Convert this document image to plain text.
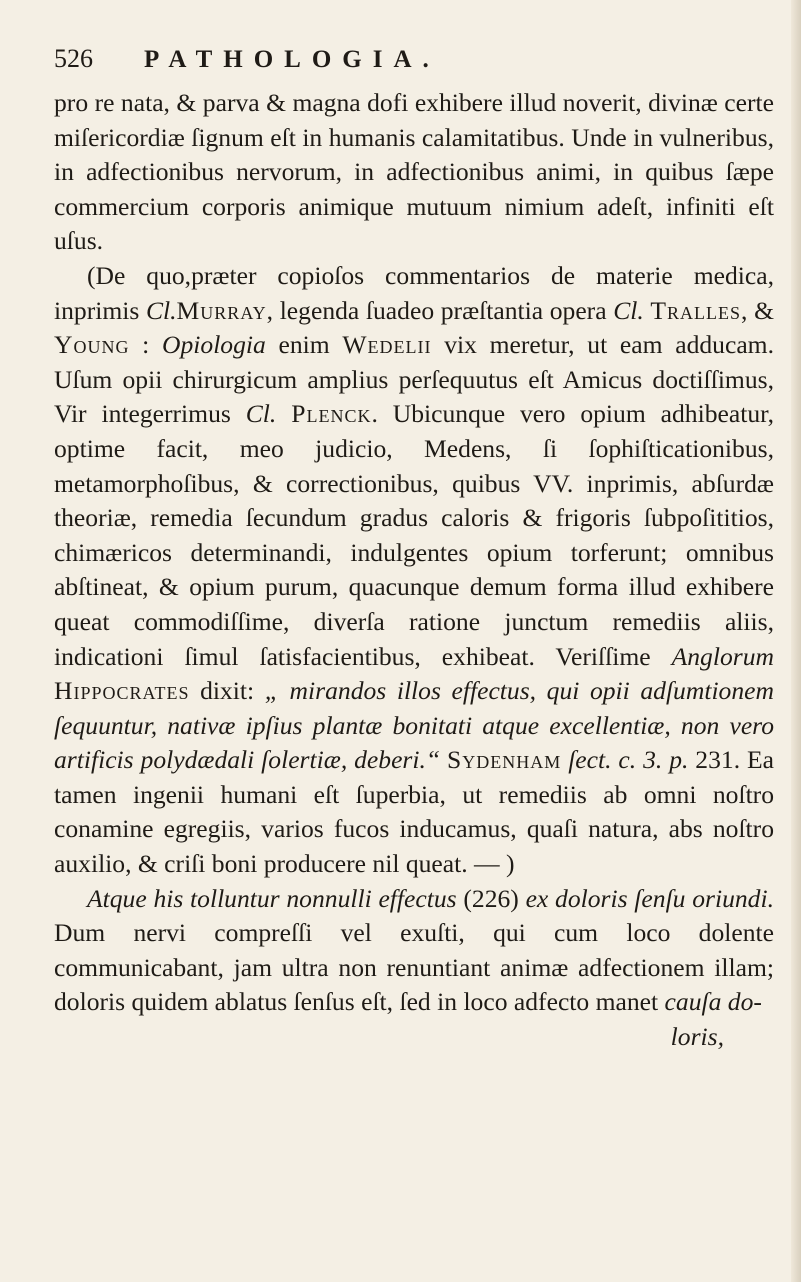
526 PATHOLOGIA.

pro re nata, & parva & magna dofi exhibere illud noverit, divinæ certe miſericordiæ ſignum eſt in humanis calamitatibus. Unde in vulneribus, in adfectionibus nervorum, in adfectionibus animi, in quibus ſæpe commercium corporis animique mutuum nimium adeſt, infiniti eſt uſus.

(De quo,præter copioſos commentarios de materie medica, inprimis Cl.Murray, legenda ſuadeo præſtantia opera Cl. Tralles, & Young : Opiologia enim Wedelii vix meretur, ut eam adducam. Uſum opii chirurgicum amplius perſequutus eſt Amicus doctiſſimus, Vir integerrimus Cl. Plenck. Ubicunque vero opium adhibeatur, optime facit, meo judicio, Medens, ſi ſophiſticationibus, metamorphoſibus, & correctionibus, quibus VV. inprimis, abſurdæ theoriæ, remedia ſecundum gradus caloris & frigoris ſubpoſititios, chimæricos determinandi, indulgentes opium torferunt; omnibus abſtineat, & opium purum, quacunque demum forma illud exhibere queat commodiſſime, diverſa ratione junctum remediis aliis, indicationi ſimul ſatisfacientibus, exhibeat. Veriſſime Anglorum Hippocrates dixit: „ mirandos illos effectus, qui opii adſumtionem ſequuntur, nativæ ipſius plantæ bonitati atque excellentiæ, non vero artificis polydædali ſolertiæ, deberi.“ Sydenham ſect. c. 3. p. 231. Ea tamen ingenii humani eſt ſuperbia, ut remediis ab omni noſtro conamine egregiis, varios fucos inducamus, quaſi natura, abs noſtro auxilio, & criſi boni producere nil queat. — )

Atque his tolluntur nonnulli effectus (226) ex doloris ſenſu oriundi. Dum nervi compreſſi vel exuſti, qui cum loco dolente communicabant, jam ultra non renuntiant animæ adfectionem illam; doloris quidem ablatus ſenſus eſt, ſed in loco adfecto manet cauſa do-

loris,
